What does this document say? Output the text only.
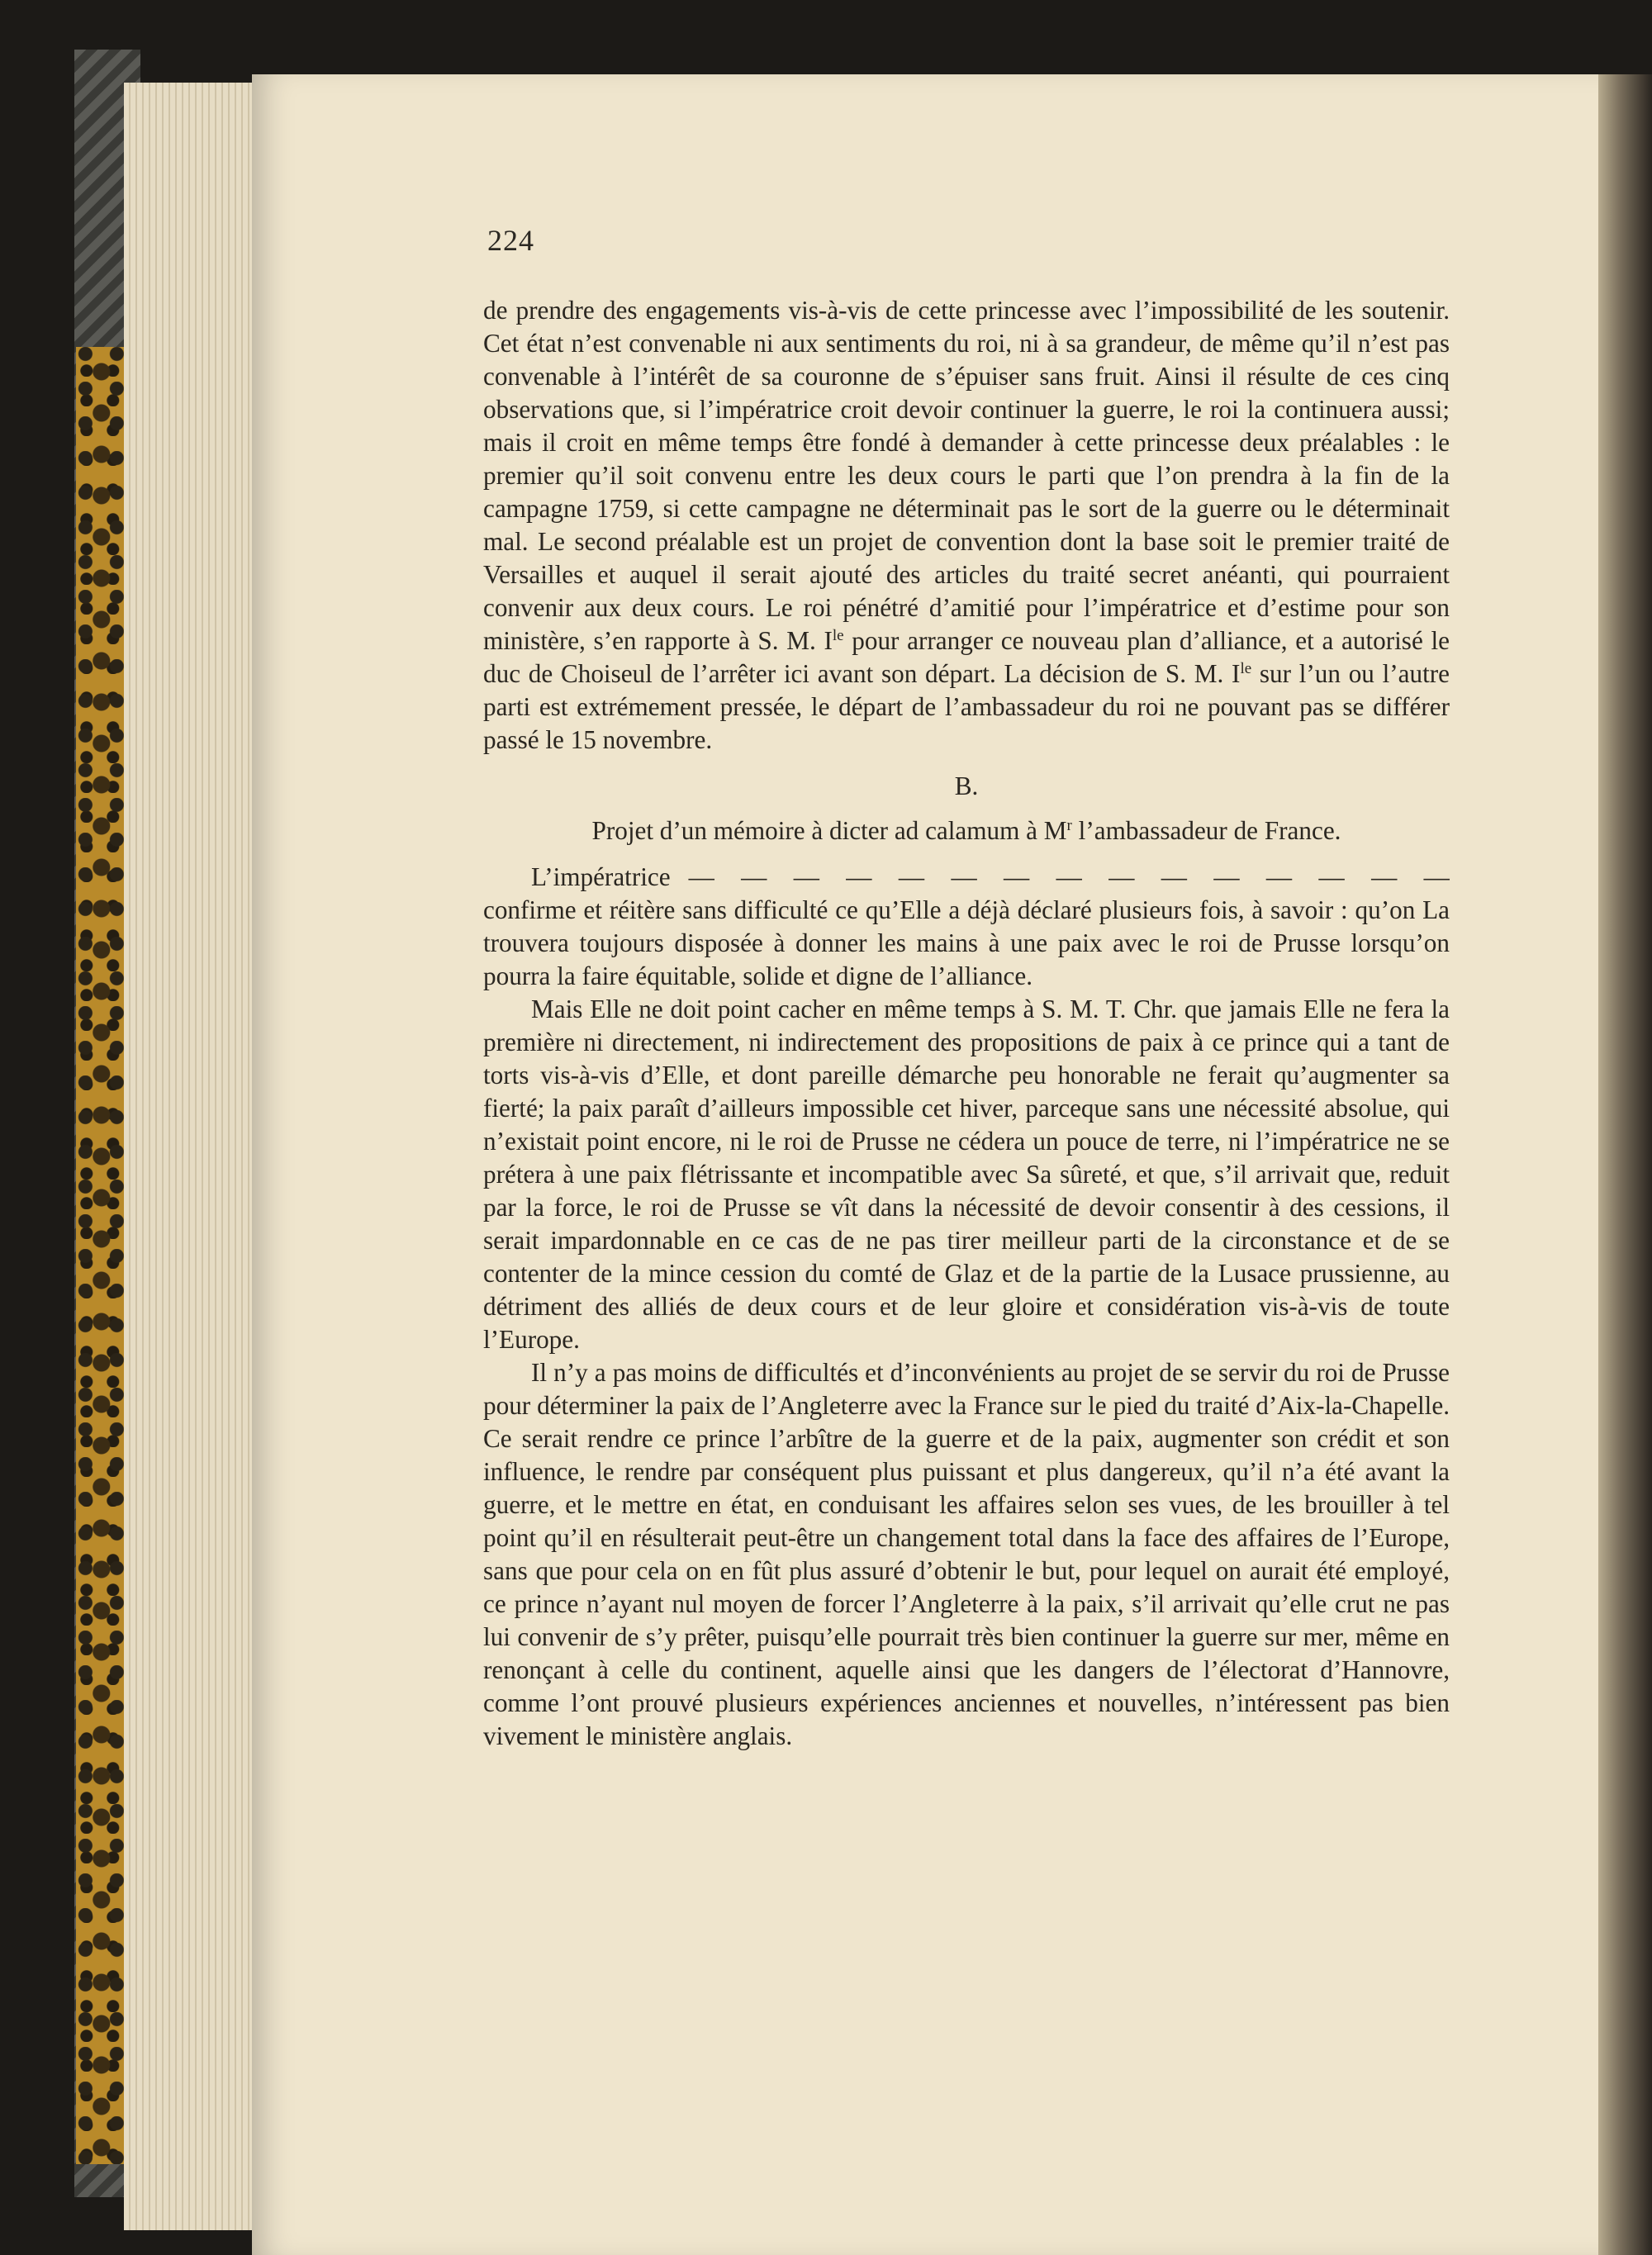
224

de prendre des engagements vis-à-vis de cette princesse avec l’impossibilité de les soutenir. Cet état n’est convenable ni aux sentiments du roi, ni à sa grandeur, de même qu’il n’est pas convenable à l’intérêt de sa couronne de s’épuiser sans fruit. Ainsi il résulte de ces cinq observations que, si l’impératrice croit devoir continuer la guerre, le roi la continuera aussi; mais il croit en même temps être fondé à demander à cette princesse deux préalables : le premier qu’il soit convenu entre les deux cours le parti que l’on prendra à la fin de la campagne 1759, si cette campagne ne déterminait pas le sort de la guerre ou le déterminait mal. Le second préalable est un projet de convention dont la base soit le premier traité de Versailles et auquel il serait ajouté des articles du traité secret anéanti, qui pourraient convenir aux deux cours. Le roi pénétré d’amitié pour l’impératrice et d’estime pour son ministère, s’en rapporte à S. M. $I^{le}$ pour arranger ce nouveau plan d’alliance, et a autorisé le duc de Choiseul de l’arrêter ici avant son départ. La décision de S. M. $I^{le}$ sur l’un ou l’autre parti est extrémement pressée, le départ de l’ambassadeur du roi ne pouvant pas se différer passé le 15 novembre.

B.

Projet d’un mémoire à dicter ad calamum à $M^r$ l’ambassadeur de France.

L’impératrice — — — — — — — — — — — — — — —

confirme et réitère sans difficulté ce qu’Elle a déjà déclaré plusieurs fois, à savoir : qu’on La trouvera toujours disposée à donner les mains à une paix avec le roi de Prusse lorsqu’on pourra la faire équitable, solide et digne de l’alliance.

Mais Elle ne doit point cacher en même temps à S. M. T. Chr. que jamais Elle ne fera la première ni directement, ni indirectement des propositions de paix à ce prince qui a tant de torts vis-à-vis d’Elle, et dont pareille démarche peu honorable ne ferait qu’augmenter sa fierté; la paix paraît d’ailleurs impossible cet hiver, parceque sans une nécessité absolue, qui n’existait point encore, ni le roi de Prusse ne cédera un pouce de terre, ni l’impératrice ne se prétera à une paix flétrissante et incompatible avec Sa sûreté, et que, s’il arrivait que, reduit par la force, le roi de Prusse se vît dans la nécessité de devoir consentir à des cessions, il serait impardonnable en ce cas de ne pas tirer meilleur parti de la circonstance et de se contenter de la mince cession du comté de Glaz et de la partie de la Lusace prussienne, au détriment des alliés de deux cours et de leur gloire et considération vis-à-vis de toute l’Europe.

Il n’y a pas moins de difficultés et d’inconvénients au projet de se servir du roi de Prusse pour déterminer la paix de l’Angleterre avec la France sur le pied du traité d’Aix-la-Chapelle. Ce serait rendre ce prince l’arbître de la guerre et de la paix, augmenter son crédit et son influence, le rendre par conséquent plus puissant et plus dangereux, qu’il n’a été avant la guerre, et le mettre en état, en conduisant les affaires selon ses vues, de les brouiller à tel point qu’il en résulterait peut-être un changement total dans la face des affaires de l’Europe, sans que pour cela on en fût plus assuré d’obtenir le but, pour lequel on aurait été employé, ce prince n’ayant nul moyen de forcer l’Angleterre à la paix, s’il arrivait qu’elle crut ne pas lui convenir de s’y prêter, puisqu’elle pourrait très bien continuer la guerre sur mer, même en renonçant à celle du continent, aquelle ainsi que les dangers de l’électorat d’Hannovre, comme l’ont prouvé plusieurs expériences anciennes et nouvelles, n’intéressent pas bien vivement le ministère anglais.
